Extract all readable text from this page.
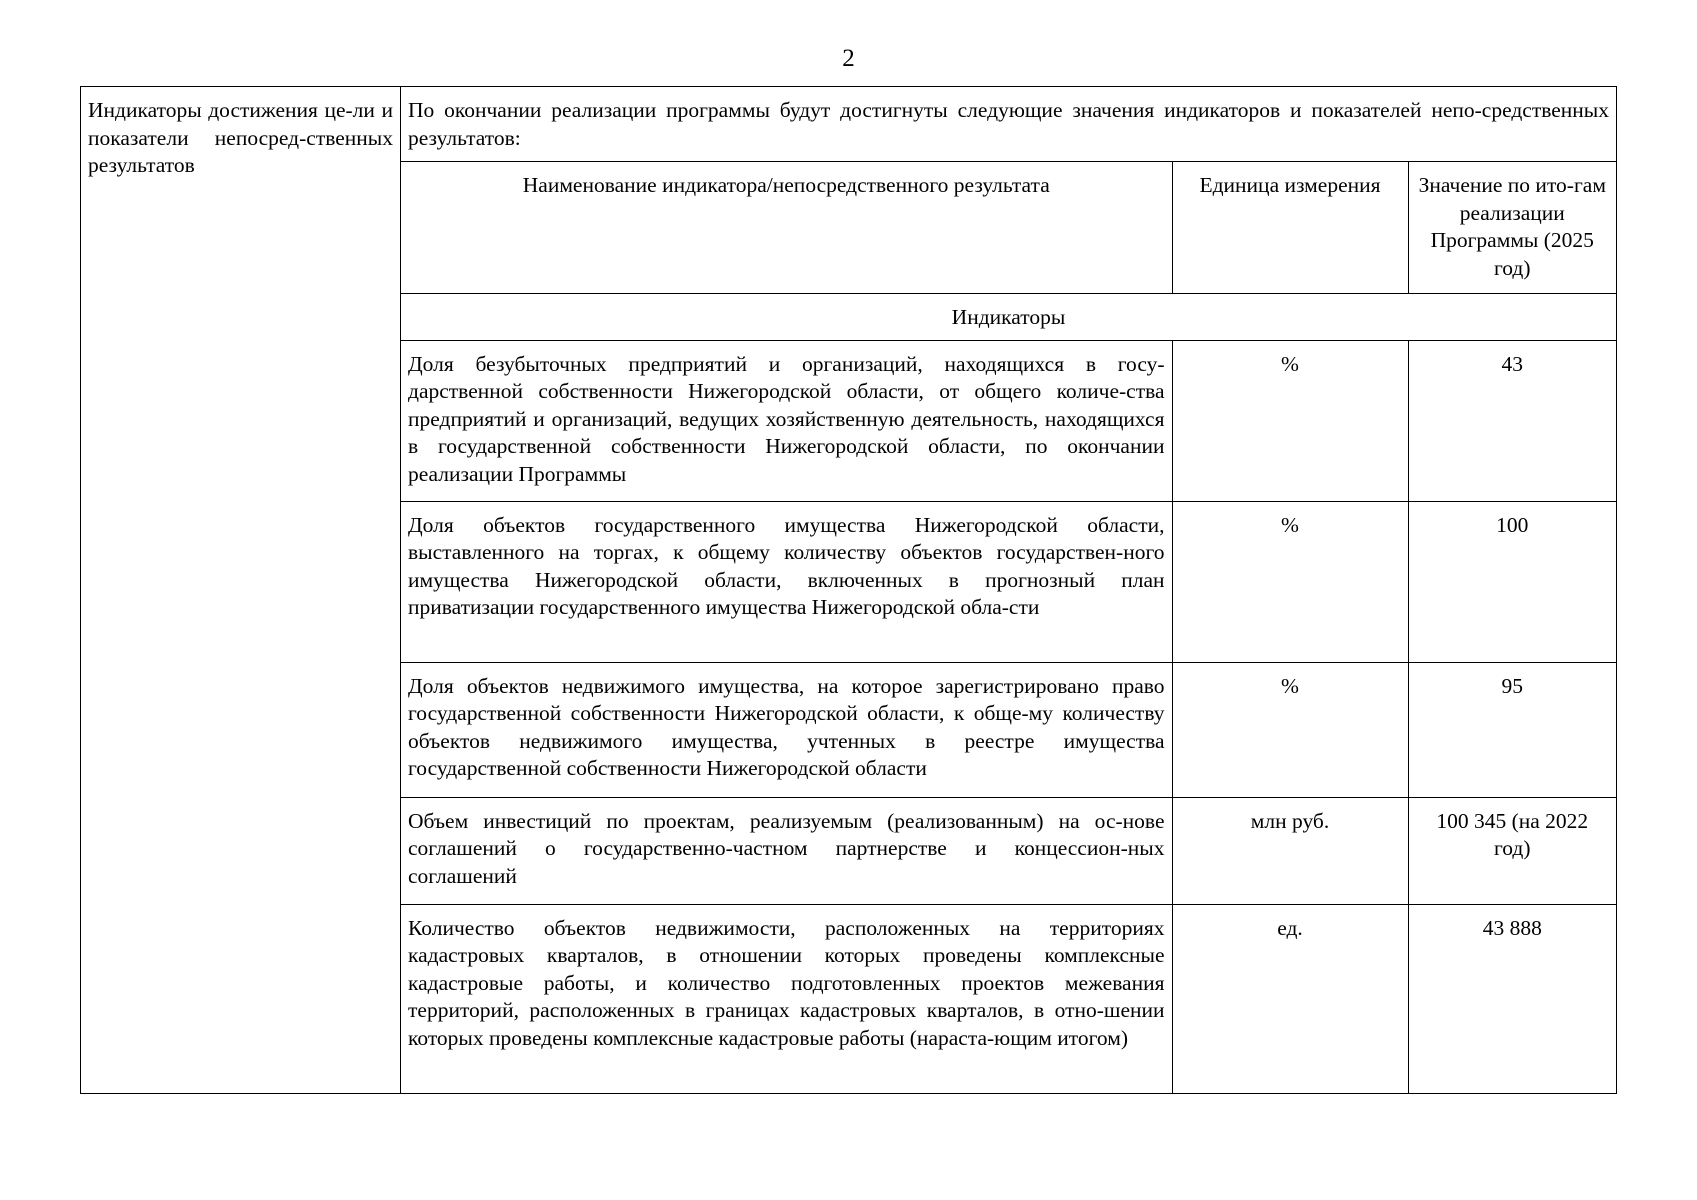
2
Индикаторы достижения це-ли и показатели непосред-ственных результатов

По окончании реализации программы будут достигнуты следующие значения индикаторов и показателей непо-средственных результатов:
Наименование индикатора/непосредственного результата	Единица измерения	Значение по ито-гам реализации Программы (2025 год)
Индикаторы
Доля безубыточных предприятий и организаций, находящихся в госу-дарственной собственности Нижегородской области, от общего количе-ства предприятий и организаций, ведущих хозяйственную деятельность, находящихся в государственной собственности Нижегородской области, по окончании реализации Программы	%	43
Доля объектов государственного имущества Нижегородской области, выставленного на торгах, к общему количеству объектов государствен-ного имущества Нижегородской области, включенных в прогнозный план приватизации государственного имущества Нижегородской обла-сти	%	100
Доля объектов недвижимого имущества, на которое зарегистрировано право государственной собственности Нижегородской области, к обще-му количеству объектов недвижимого имущества, учтенных в реестре имущества государственной собственности Нижегородской области	%	95
Объем инвестиций по проектам, реализуемым (реализованным) на ос-нове соглашений о государственно-частном партнерстве и концессион-ных соглашений	млн руб.	100 345 (на 2022 год)
Количество объектов недвижимости, расположенных на территориях кадастровых кварталов, в отношении которых проведены комплексные кадастровые работы, и количество подготовленных проектов межевания территорий, расположенных в границах кадастровых кварталов, в отно-шении которых проведены комплексные кадастровые работы (нараста-ющим итогом)	ед.	43 888
